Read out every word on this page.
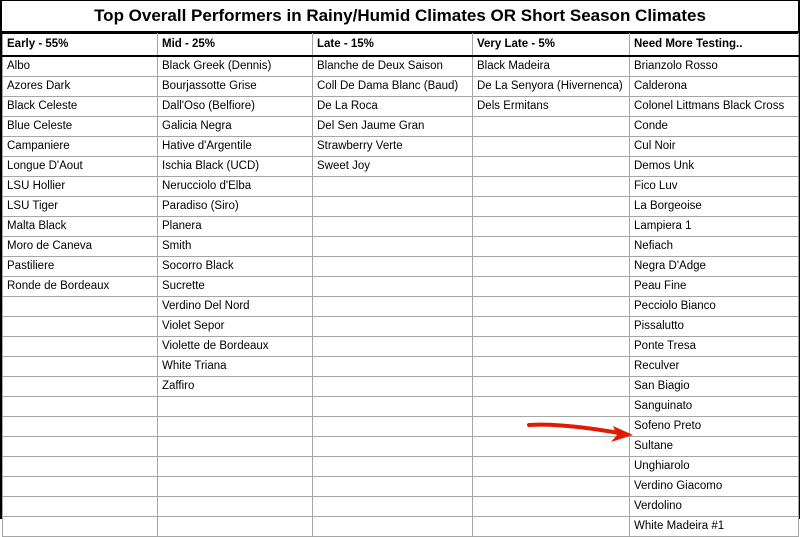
Top Overall Performers in Rainy/Humid Climates OR Short Season Climates
Early - 55%	Mid - 25%	Late - 15%	Very Late - 5%	Need More Testing..
Albo	Black Greek (Dennis)	Blanche de Deux Saison	Black Madeira	Brianzolo Rosso
Azores Dark	Bourjassotte Grise	Coll De Dama Blanc (Baud)	De La Senyora (Hivernenca)	Calderona
Black Celeste	Dall'Oso (Belfiore)	De La Roca	Dels Ermitans	Colonel Littmans Black Cross
Blue Celeste	Galicia Negra	Del Sen Jaume Gran		Conde
Campaniere	Hative d'Argentile	Strawberry Verte		Cul Noir
Longue D'Aout	Ischia Black (UCD)	Sweet Joy		Demos Unk
LSU Hollier	Nerucciolo d'Elba			Fico Luv
LSU Tiger	Paradiso (Siro)			La Borgeoise
Malta Black	Planera			Lampiera 1
Moro de Caneva	Smith			Nefiach
Pastiliere	Socorro Black			Negra D'Adge
Ronde de Bordeaux	Sucrette			Peau Fine
	Verdino Del Nord			Pecciolo Bianco
	Violet Sepor			Pissalutto
	Violette de Bordeaux			Ponte Tresa
	White Triana			Reculver
	Zaffiro			San Biagio
				Sanguinato
				Sofeno Preto
				Sultane
				Unghiarolo
				Verdino Giacomo
				Verdolino
				White Madeira #1
